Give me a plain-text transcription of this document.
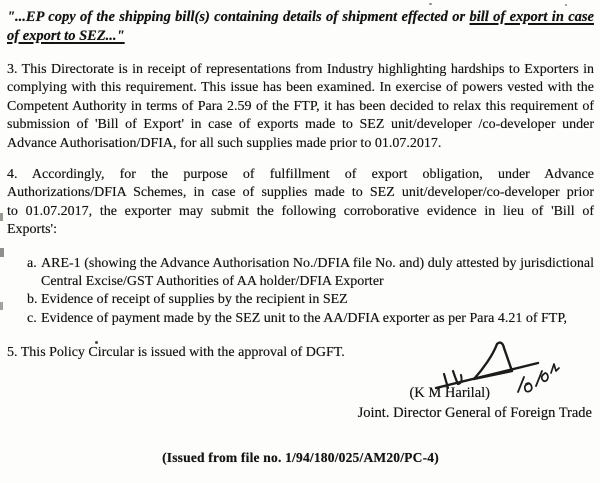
"...EP copy of the shipping bill(s) containing details of shipment effected or bill of export in case of export to SEZ..."

3. This Directorate is in receipt of representations from Industry highlighting hardships to Exporters in complying with this requirement. This issue has been examined. In exercise of powers vested with the Competent Authority in terms of Para 2.59 of the FTP, it has been decided to relax this requirement of submission of 'Bill of Export' in case of exports made to SEZ unit/developer /co-developer under Advance Authorisation/DFIA, for all such supplies made prior to 01.07.2017.

4. Accordingly, for the purpose of fulfillment of export obligation, under Advance Authorizations/DFIA Schemes, in case of supplies made to SEZ unit/developer/co-developer prior to 01.07.2017, the exporter may submit the following corroborative evidence in lieu of 'Bill of Exports':

a. ARE-1 (showing the Advance Authorisation No./DFIA file No. and) duly attested by jurisdictional Central Excise/GST Authorities of AA holder/DFIA Exporter
b. Evidence of receipt of supplies by the recipient in SEZ
c. Evidence of payment made by the SEZ unit to the AA/DFIA exporter as per Para 4.21 of FTP,

5. This Policy Circular is issued with the approval of DGFT.

(K M Harilal)
Joint. Director General of Foreign Trade
(Issued from file no. 1/94/180/025/AM20/PC-4)
